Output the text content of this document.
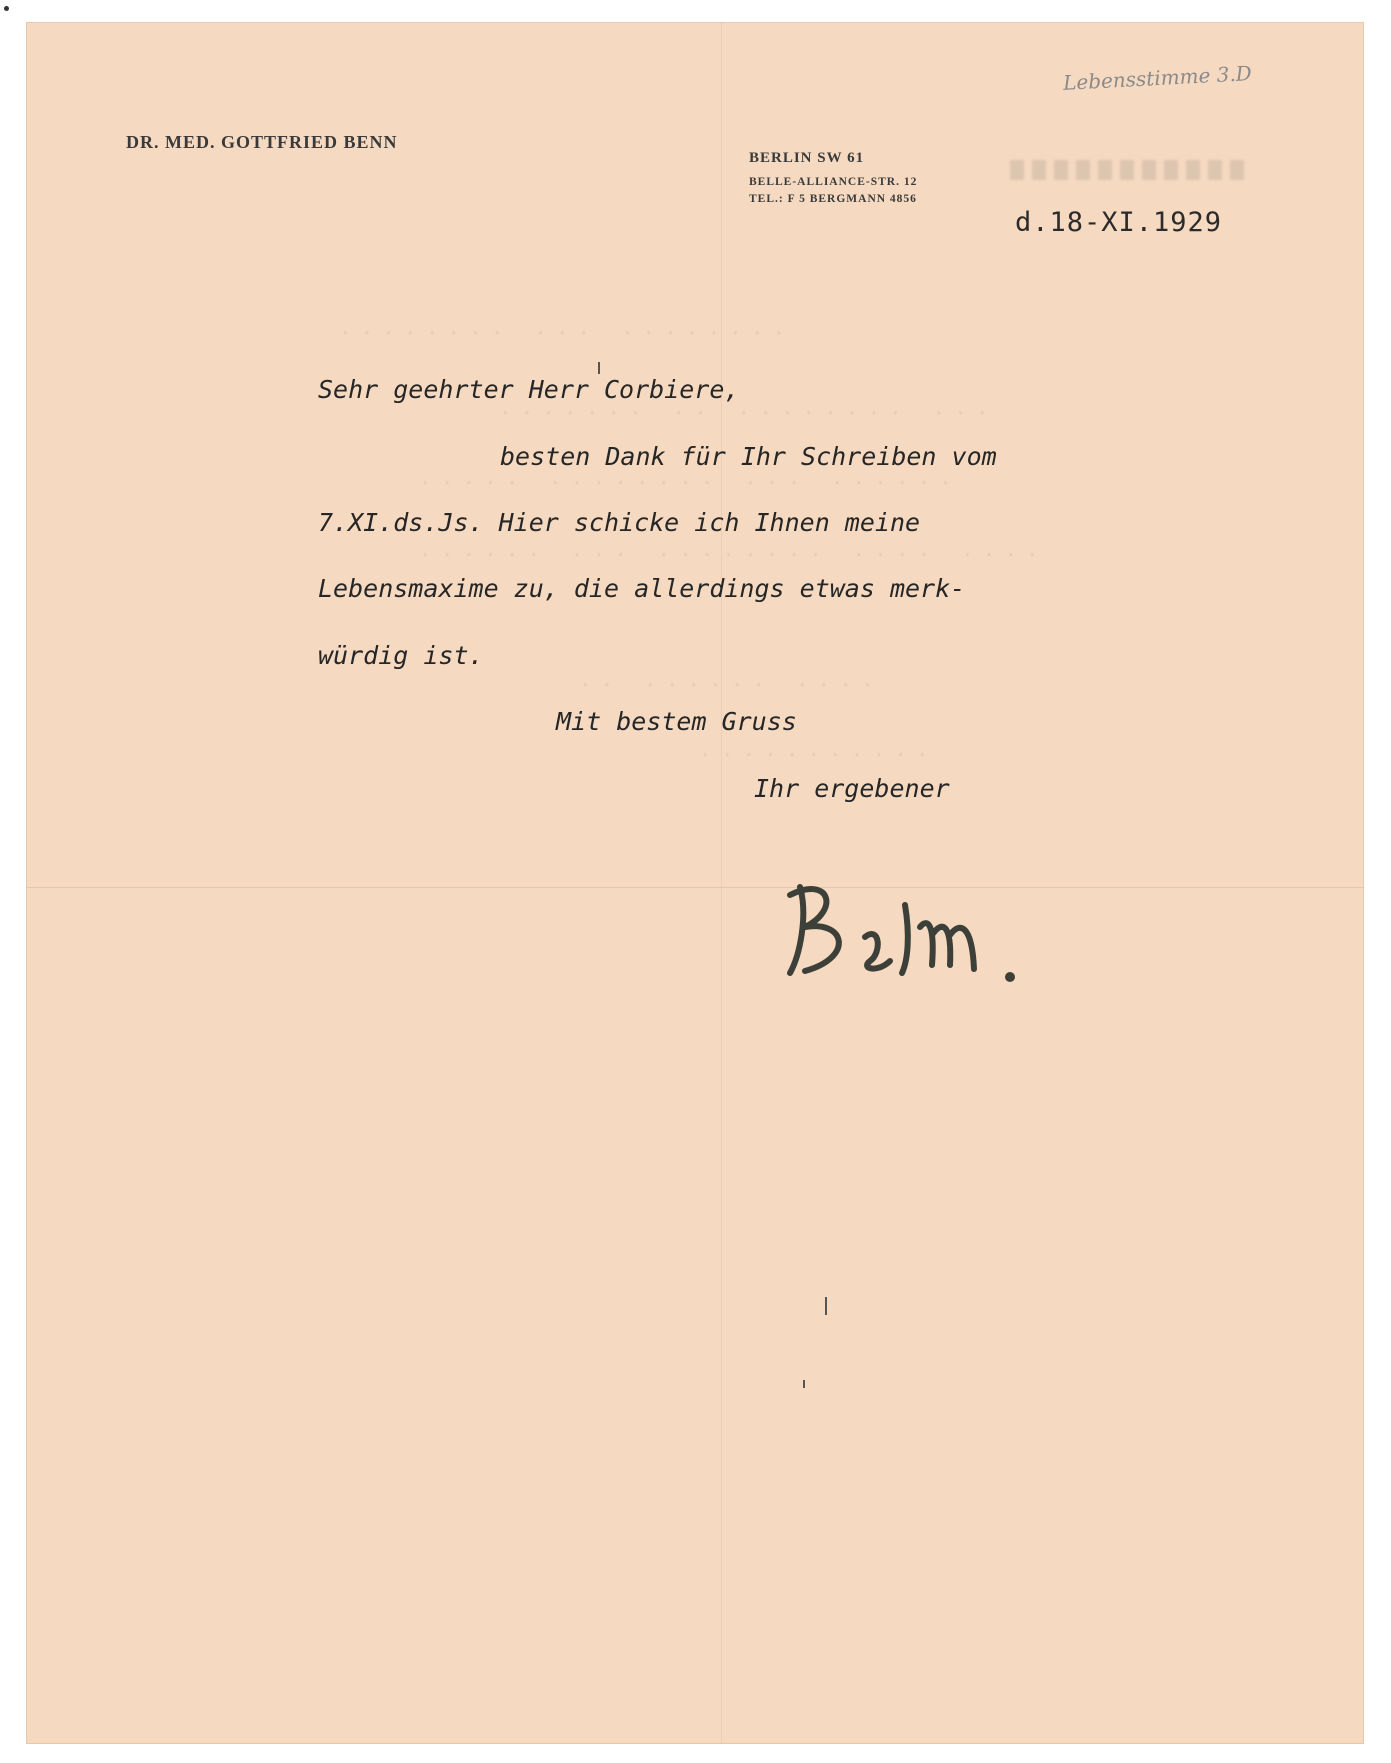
DR. MED. GOTTFRIED BENN
BERLIN SW 61
BELLE-ALLIANCE-STR. 12
TEL.: F 5 BERGMANN 4856
Lebensstimme 3.D
d.18-XI.1929
. . . . . . . .   . . .   . . . . . . . .
. . . . . . .   . .   . . . . . . . .   . . .
. . . . .   . . . . . . . .   . . .   . . . . . .
. . . . . .   . . .   . . . . . . . .   . . . .   . . . .
. .   . . . . . .   . . . .
. . . . . . . . . . .
Sehr geehrter Herr Corbiere,
besten Dank für Ihr Schreiben vom
7.XI.ds.Js. Hier schicke ich Ihnen meine
Lebensmaxime zu, die allerdings etwas merk-
würdig ist.
Mit bestem Gruss
Ihr ergebener
